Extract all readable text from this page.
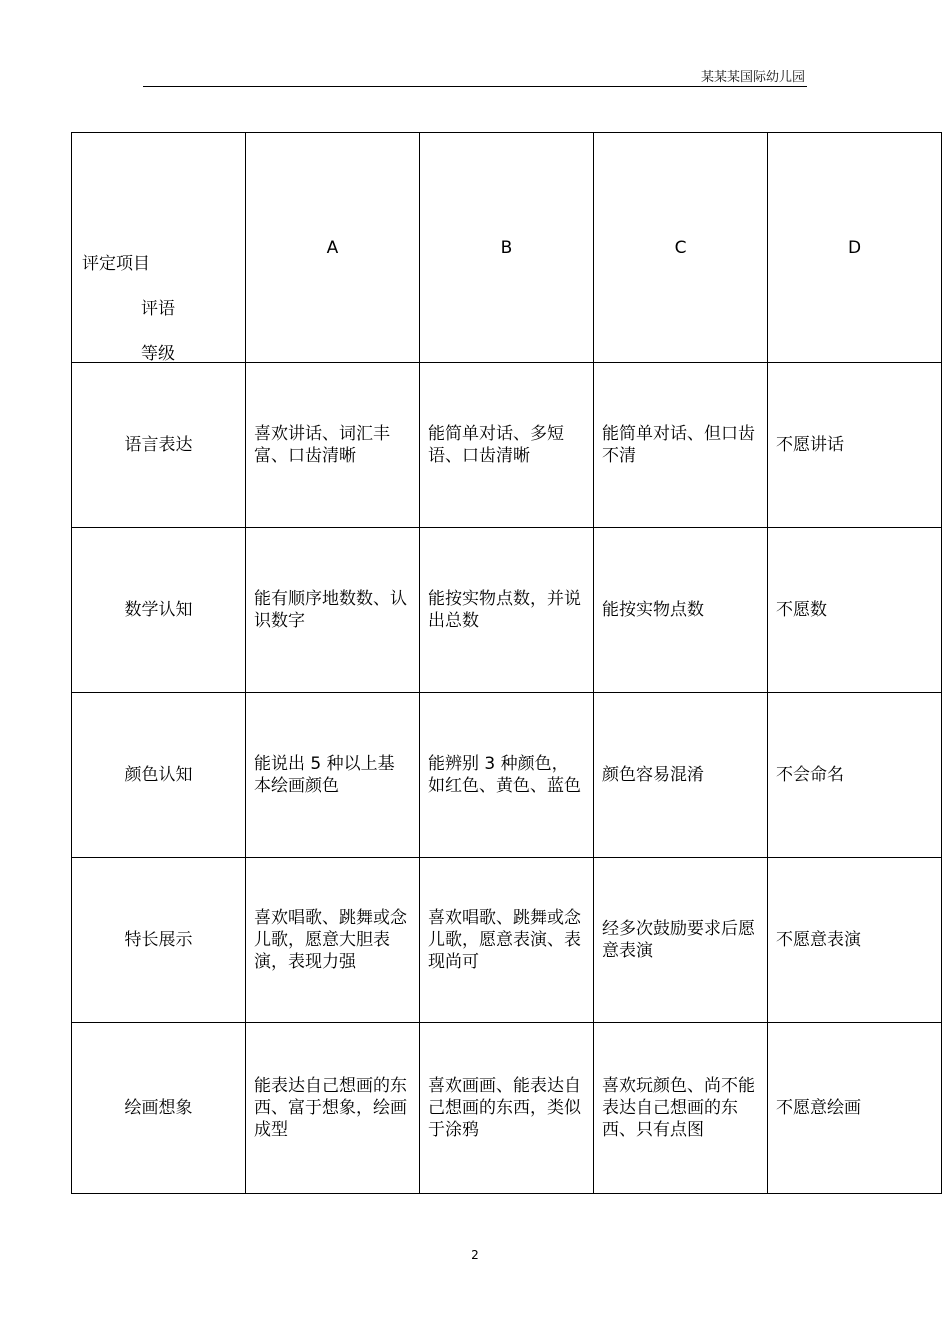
某某某国际幼儿园
评定项目
评语
等级	A	B	C	D
语言表达	喜欢讲话、词汇丰富、口齿清晰	能简单对话、多短语、口齿清晰	能简单对话、但口齿不清	不愿讲话
数学认知	能有顺序地数数、认识数字	能按实物点数，并说出总数	能按实物点数	不愿数
颜色认知	能说出 5 种以上基本绘画颜色	能辨别 3 种颜色，如红色、黄色、蓝色	颜色容易混淆	不会命名
特长展示	喜欢唱歌、跳舞或念儿歌，愿意大胆表演，表现力强	喜欢唱歌、跳舞或念儿歌，愿意表演、表现尚可	经多次鼓励要求后愿意表演	不愿意表演
绘画想象	能表达自己想画的东西、富于想象，绘画成型	喜欢画画、能表达自己想画的东西，类似于涂鸦	喜欢玩颜色、尚不能表达自己想画的东西、只有点图	不愿意绘画
2
